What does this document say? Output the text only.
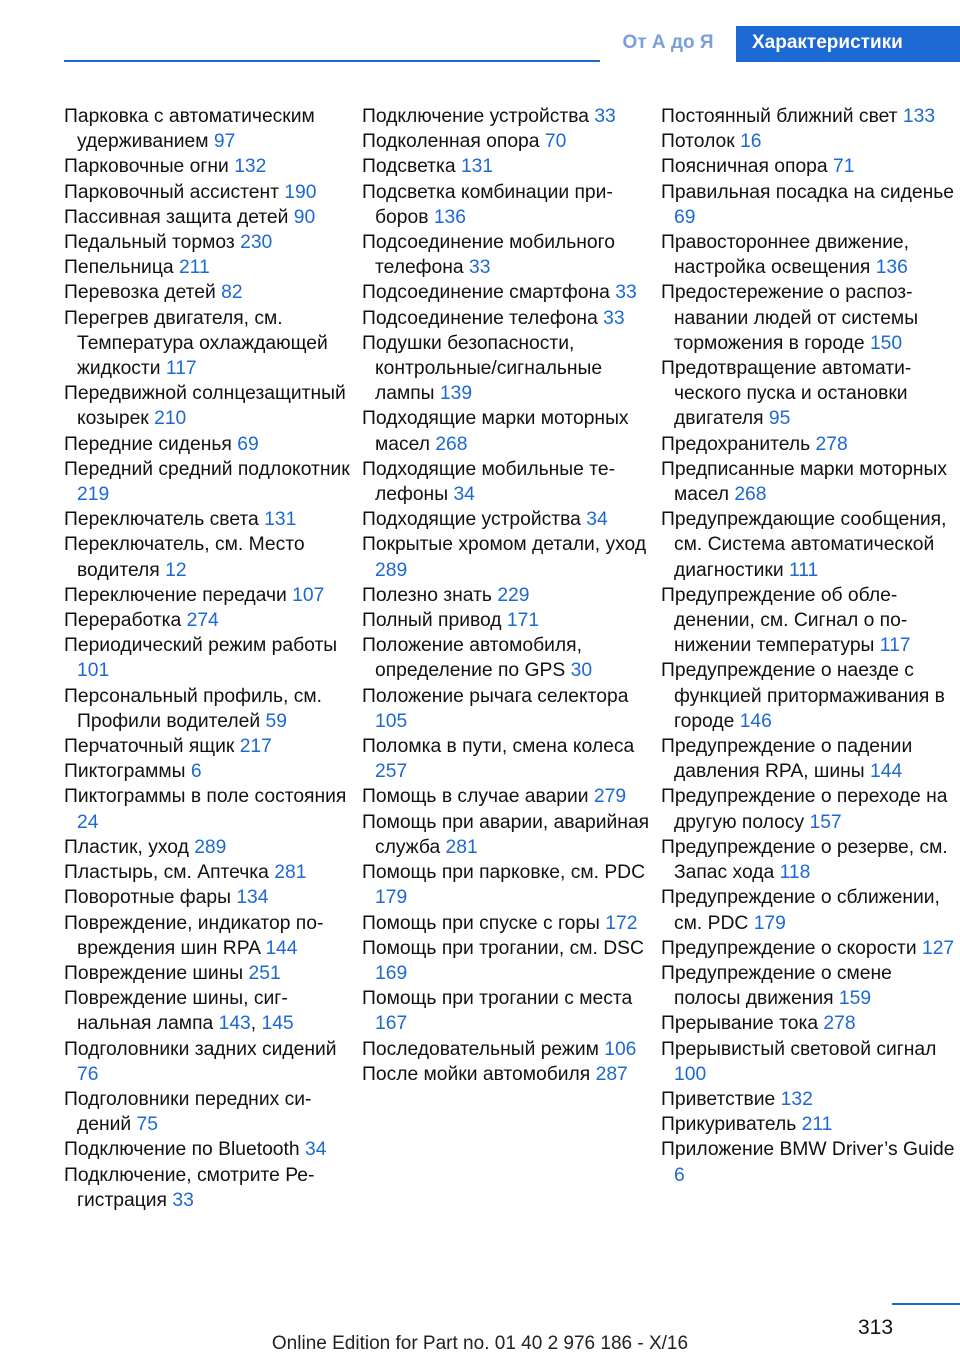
От А до Я	Характеристики
Парковка с автоматическим удерживанием 97
Парковочные огни 132
Парковочный ассистент 190
Пассивная защита детей 90
Педальный тормоз 230
Пепельница 211
Перевозка детей 82
Перегрев двигателя, см. Температура охлаждающей жидкости 117
Передвижной солнцезащитный козырек 210
Передние сиденья 69
Передний средний подлокотник 219
Переключатель света 131
Переключатель, см. Место водителя 12
Переключение передачи 107
Переработка 274
Периодический режим работы 101
Персональный профиль, см. Профили водителей 59
Перчаточный ящик 217
Пиктограммы 6
Пиктограммы в поле состояния 24
Пластик, уход 289
Пластырь, см. Аптечка 281
Поворотные фары 134
Повреждение, индикатор повреждения шин RPA 144
Повреждение шины 251
Повреждение шины, сигнальная лампа 143, 145
Подголовники задних сидений 76
Подголовники передних сидений 75
Подключение по Bluetooth 34
Подключение, смотрите Регистрация 33
Подключение устройства 33
Подколенная опора 70
Подсветка 131
Подсветка комбинации приборов 136
Подсоединение мобильного телефона 33
Подсоединение смартфона 33
Подсоединение телефона 33
Подушки безопасности, контрольные/сигнальные лампы 139
Подходящие марки моторных масел 268
Подходящие мобильные телефоны 34
Подходящие устройства 34
Покрытые хромом детали, уход 289
Полезно знать 229
Полный привод 171
Положение автомобиля, определение по GPS 30
Положение рычага селектора 105
Поломка в пути, смена колеса 257
Помощь в случае аварии 279
Помощь при аварии, аварийная служба 281
Помощь при парковке, см. PDC 179
Помощь при спуске с горы 172
Помощь при трогании, см. DSC 169
Помощь при трогании с места 167
Последовательный режим 106
После мойки автомобиля 287
Постоянный ближний свет 133
Потолок 16
Поясничная опора 71
Правильная посадка на сиденье 69
Правостороннее движение, настройка освещения 136
Предостережение о распознавании людей от системы торможения в городе 150
Предотвращение автоматического пуска и остановки двигателя 95
Предохранитель 278
Предписанные марки моторных масел 268
Предупреждающие сообщения, см. Система автоматической диагностики 111
Предупреждение об обледенении, см. Сигнал о понижении температуры 117
Предупреждение о наезде с функцией притормаживания в городе 146
Предупреждение о падении давления RPA, шины 144
Предупреждение о переходе на другую полосу 157
Предупреждение о резерве, см. Запас хода 118
Предупреждение о сближении, см. PDC 179
Предупреждение о скорости 127
Предупреждение о смене полосы движения 159
Прерывание тока 278
Прерывистый световой сигнал 100
Приветствие 132
Прикуриватель 211
Приложение BMW Driver’s Guide 6
313
Online Edition for Part no. 01 40 2 976 186 - X/16
